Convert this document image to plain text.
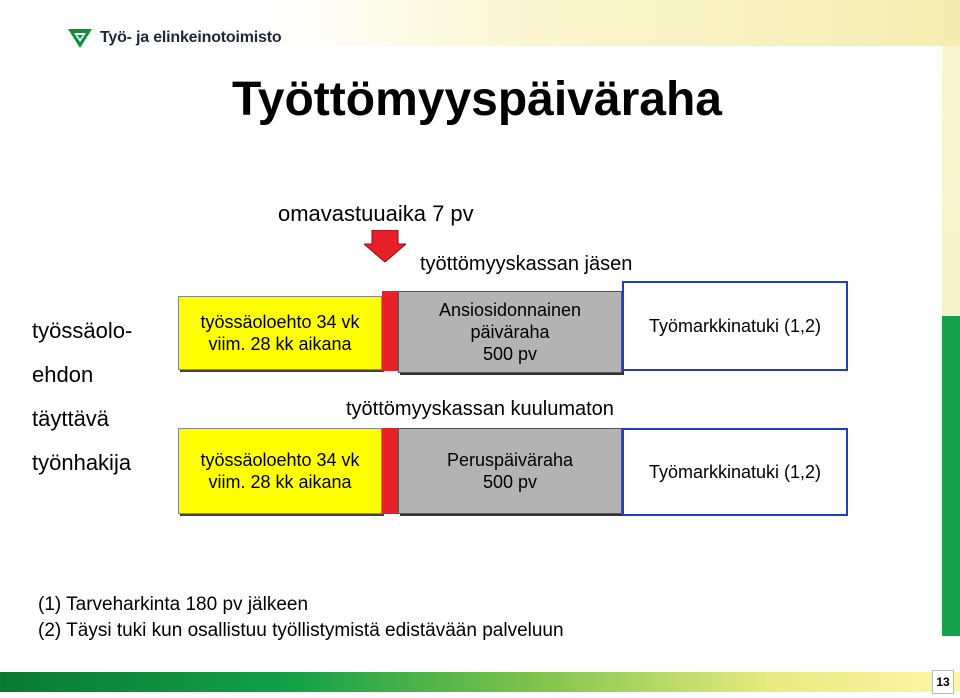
13
Työ- ja elinkeinotoimisto
Työttömyyspäiväraha
omavastuuaika 7 pv
työttömyyskassan jäsen
työttömyyskassan kuulumaton
työssäolo-
ehdon
täyttävä
työnhakija
työssäoloehto 34 vk
viim. 28 kk aikana
Ansiosidonnainen
päiväraha
500 pv
Työmarkkinatuki (1,2)
työssäoloehto 34 vk
viim. 28 kk aikana
Peruspäiväraha
500 pv	Työmarkkinatuki (1,2)
(1) Tarveharkinta 180 pv jälkeen
(2) Täysi tuki kun osallistuu työllistymistä edistävään palveluun
